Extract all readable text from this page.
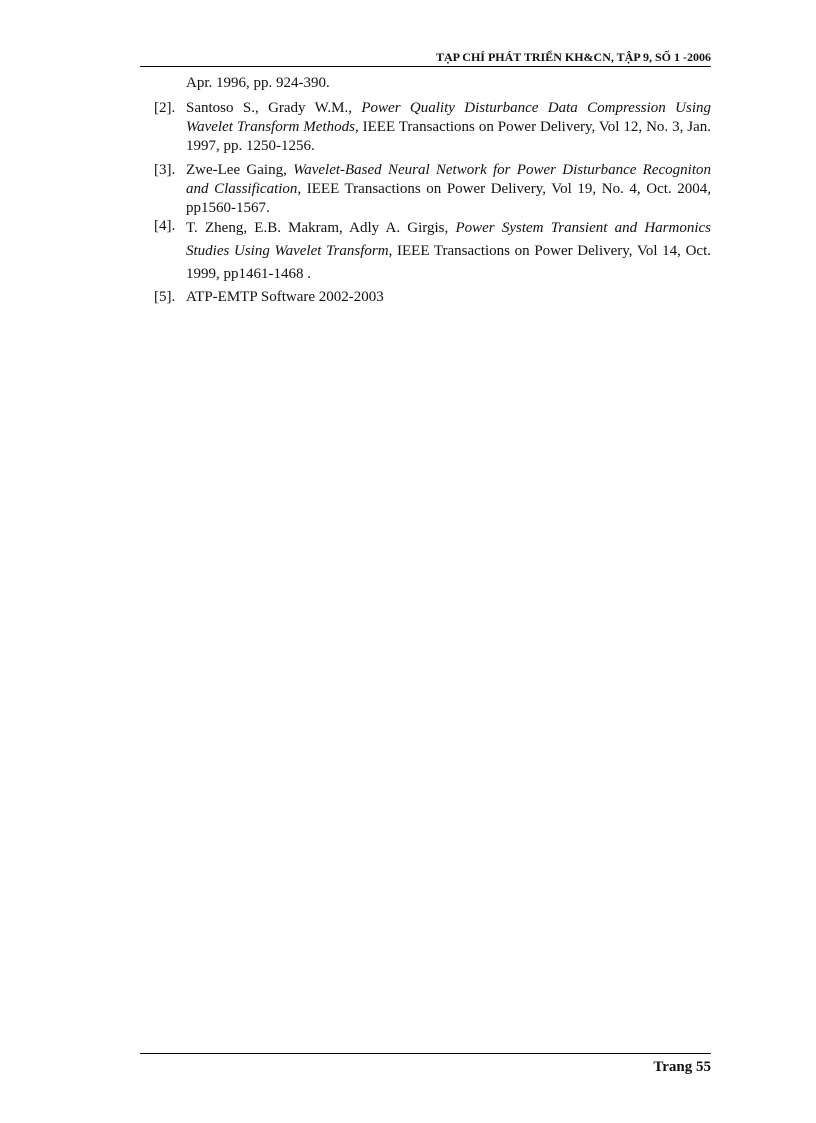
TẠP CHÍ PHÁT TRIỂN KH&CN, TẬP 9, SỐ 1 -2006
Apr. 1996, pp. 924-390.
[2]. Santoso S., Grady W.M., Power Quality Disturbance Data Compression Using Wavelet Transform Methods, IEEE Transactions on Power Delivery, Vol 12, No. 3, Jan. 1997, pp. 1250-1256.
[3]. Zwe-Lee Gaing, Wavelet-Based Neural Network for Power Disturbance Recogniton and Classification, IEEE Transactions on Power Delivery, Vol 19, No. 4, Oct. 2004, pp1560-1567.
[4]. T. Zheng, E.B. Makram, Adly A. Girgis, Power System Transient and Harmonics Studies Using Wavelet Transform, IEEE Transactions on Power Delivery, Vol 14, Oct. 1999, pp1461-1468 .
[5]. ATP-EMTP Software 2002-2003
Trang 55
